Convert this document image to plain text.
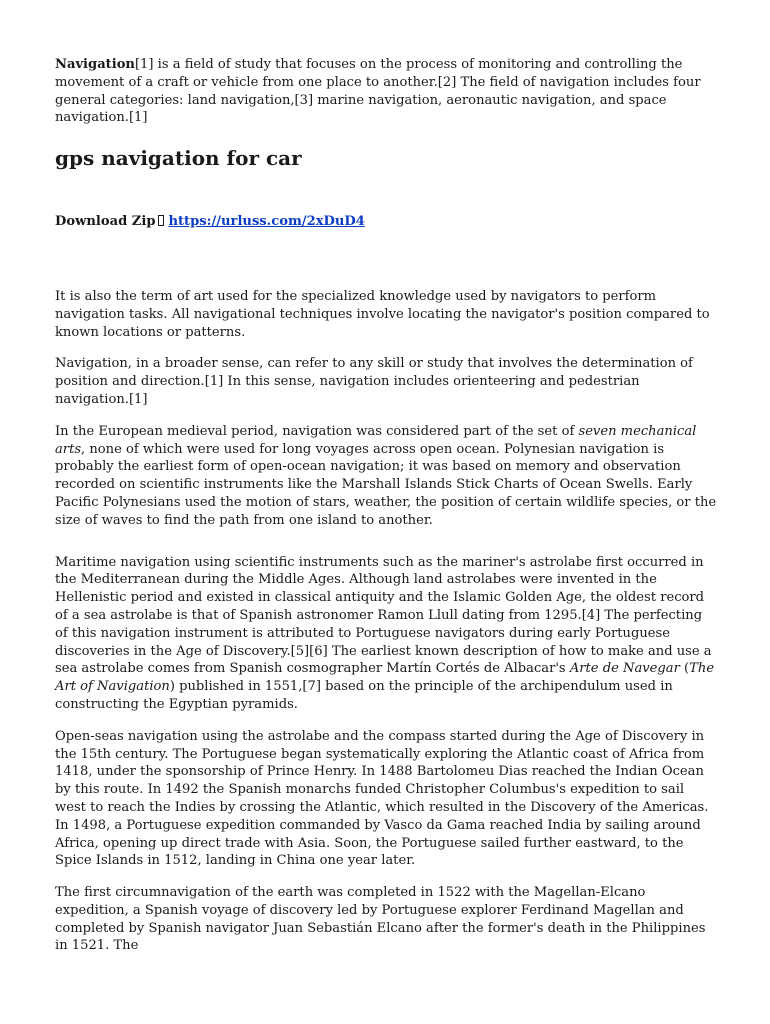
Navigation[1] is a field of study that focuses on the process of monitoring and controlling the movement of a craft or vehicle from one place to another.[2] The field of navigation includes four general categories: land navigation,[3] marine navigation, aeronautic navigation, and space navigation.[1]

gps navigation for car
Download Zip https://urluss.com/2xDuD4

It is also the term of art used for the specialized knowledge used by navigators to perform navigation tasks. All navigational techniques involve locating the navigator's position compared to known locations or patterns.

Navigation, in a broader sense, can refer to any skill or study that involves the determination of position and direction.[1] In this sense, navigation includes orienteering and pedestrian navigation.[1]

In the European medieval period, navigation was considered part of the set of seven mechanical arts, none of which were used for long voyages across open ocean. Polynesian navigation is probably the earliest form of open-ocean navigation; it was based on memory and observation recorded on scientific instruments like the Marshall Islands Stick Charts of Ocean Swells. Early Pacific Polynesians used the motion of stars, weather, the position of certain wildlife species, or the size of waves to find the path from one island to another.

Maritime navigation using scientific instruments such as the mariner's astrolabe first occurred in the Mediterranean during the Middle Ages. Although land astrolabes were invented in the Hellenistic period and existed in classical antiquity and the Islamic Golden Age, the oldest record of a sea astrolabe is that of Spanish astronomer Ramon Llull dating from 1295.[4] The perfecting of this navigation instrument is attributed to Portuguese navigators during early Portuguese discoveries in the Age of Discovery.[5][6] The earliest known description of how to make and use a sea astrolabe comes from Spanish cosmographer Martín Cortés de Albacar's Arte de Navegar (The Art of Navigation) published in 1551,[7] based on the principle of the archipendulum used in constructing the Egyptian pyramids.

Open-seas navigation using the astrolabe and the compass started during the Age of Discovery in the 15th century. The Portuguese began systematically exploring the Atlantic coast of Africa from 1418, under the sponsorship of Prince Henry. In 1488 Bartolomeu Dias reached the Indian Ocean by this route. In 1492 the Spanish monarchs funded Christopher Columbus's expedition to sail west to reach the Indies by crossing the Atlantic, which resulted in the Discovery of the Americas. In 1498, a Portuguese expedition commanded by Vasco da Gama reached India by sailing around Africa, opening up direct trade with Asia. Soon, the Portuguese sailed further eastward, to the Spice Islands in 1512, landing in China one year later.

The first circumnavigation of the earth was completed in 1522 with the Magellan-Elcano expedition, a Spanish voyage of discovery led by Portuguese explorer Ferdinand Magellan and completed by Spanish navigator Juan Sebastián Elcano after the former's death in the Philippines in 1521. The
